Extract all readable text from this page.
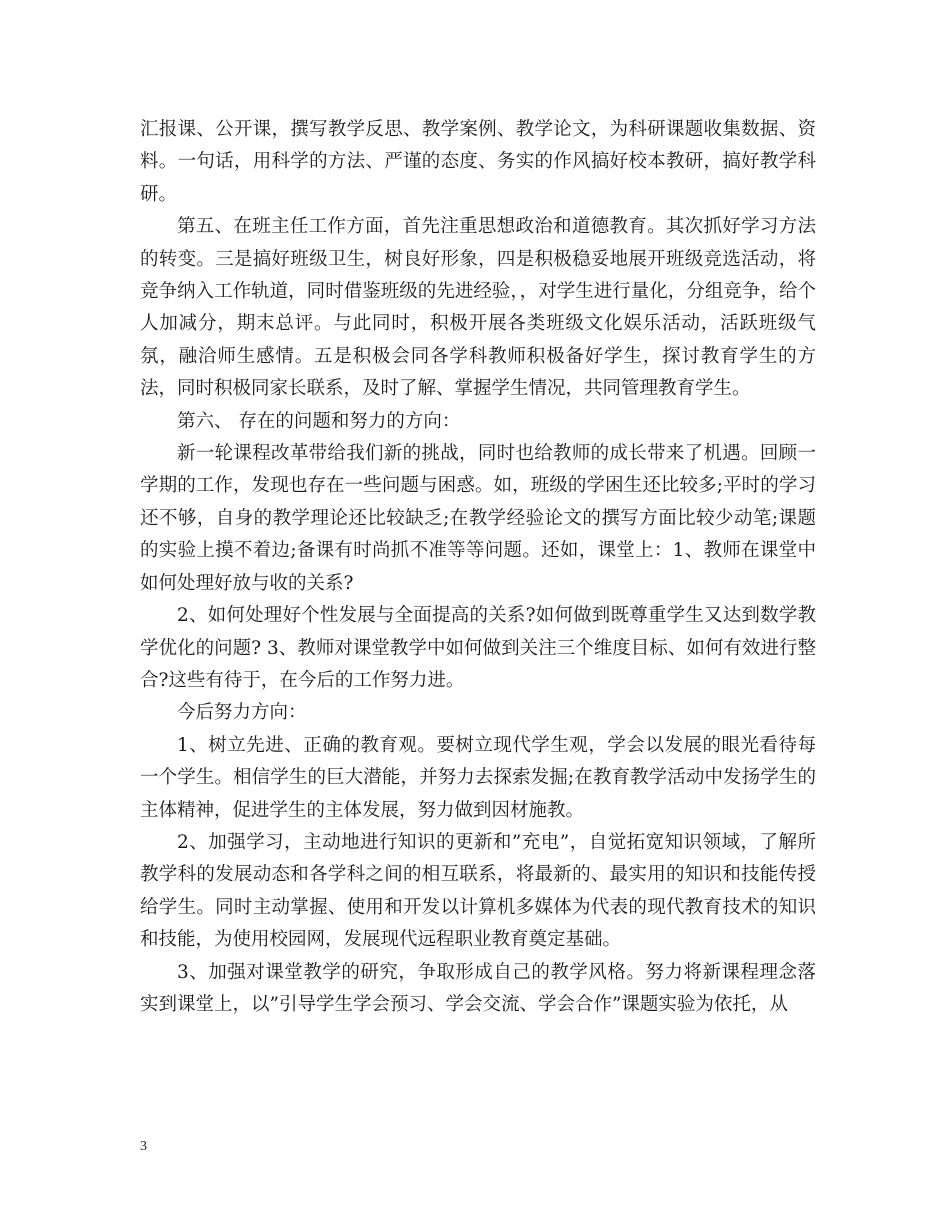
汇报课、公开课，撰写教学反思、教学案例、教学论文，为科研课题收集数据、资料。一句话，用科学的方法、严谨的态度、务实的作风搞好校本教研，搞好教学科研。

第五、在班主任工作方面，首先注重思想政治和道德教育。其次抓好学习方法的转变。三是搞好班级卫生，树良好形象，四是积极稳妥地展开班级竞选活动，将竞争纳入工作轨道，同时借鉴班级的先进经验，，对学生进行量化，分组竞争，给个人加减分，期末总评。与此同时，积极开展各类班级文化娱乐活动，活跃班级气氛，融洽师生感情。五是积极会同各学科教师积极备好学生，探讨教育学生的方法，同时积极同家长联系，及时了解、掌握学生情况，共同管理教育学生。

第六、 存在的问题和努力的方向：

新一轮课程改革带给我们新的挑战，同时也给教师的成长带来了机遇。回顾一学期的工作，发现也存在一些问题与困惑。如，班级的学困生还比较多;平时的学习还不够，自身的教学理论还比较缺乏;在教学经验论文的撰写方面比较少动笔;课题的实验上摸不着边;备课有时尚抓不准等等问题。还如，课堂上：1、教师在课堂中如何处理好放与收的关系?

2、如何处理好个性发展与全面提高的关系?如何做到既尊重学生又达到数学教学优化的问题? 3、教师对课堂教学中如何做到关注三个维度目标、如何有效进行整合?这些有待于，在今后的工作努力进。

今后努力方向：

1、树立先进、正确的教育观。要树立现代学生观，学会以发展的眼光看待每一个学生。相信学生的巨大潜能，并努力去探索发掘;在教育教学活动中发扬学生的主体精神，促进学生的主体发展，努力做到因材施教。

2、加强学习，主动地进行知识的更新和”充电”，自觉拓宽知识领域，了解所教学科的发展动态和各学科之间的相互联系，将最新的、最实用的知识和技能传授给学生。同时主动掌握、使用和开发以计算机多媒体为代表的现代教育技术的知识和技能，为使用校园网，发展现代远程职业教育奠定基础。

3、加强对课堂教学的研究，争取形成自己的教学风格。努力将新课程理念落实到课堂上，以”引导学生学会预习、学会交流、学会合作”课题实验为依托，从

3
